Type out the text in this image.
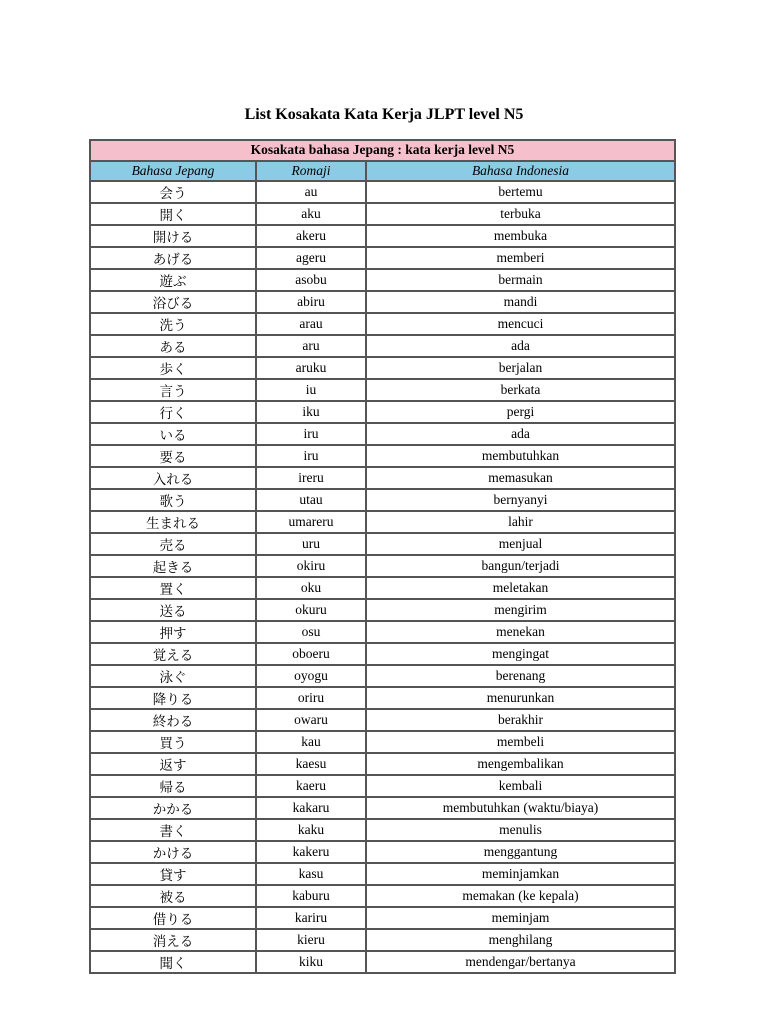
List Kosakata Kata Kerja JLPT level N5
Kosakata bahasa Jepang : kata kerja level N5		
Bahasa Jepang	Romaji	Bahasa Indonesia
会う	au	bertemu
開く	aku	terbuka
開ける	akeru	membuka
あげる	ageru	memberi
遊ぶ	asobu	bermain
浴びる	abiru	mandi
洗う	arau	mencuci
ある	aru	ada
歩く	aruku	berjalan
言う	iu	berkata
行く	iku	pergi
いる	iru	ada
要る	iru	membutuhkan
入れる	ireru	memasukan
歌う	utau	bernyanyi
生まれる	umareru	lahir
売る	uru	menjual
起きる	okiru	bangun/terjadi
置く	oku	meletakan
送る	okuru	mengirim
押す	osu	menekan
覚える	oboeru	mengingat
泳ぐ	oyogu	berenang
降りる	oriru	menurunkan
終わる	owaru	berakhir
買う	kau	membeli
返す	kaesu	mengembalikan
帰る	kaeru	kembali
かかる	kakaru	membutuhkan (waktu/biaya)
書く	kaku	menulis
かける	kakeru	menggantung
貸す	kasu	meminjamkan
被る	kaburu	memakan (ke kepala)
借りる	kariru	meminjam
消える	kieru	menghilang
聞く	kiku	mendengar/bertanya
